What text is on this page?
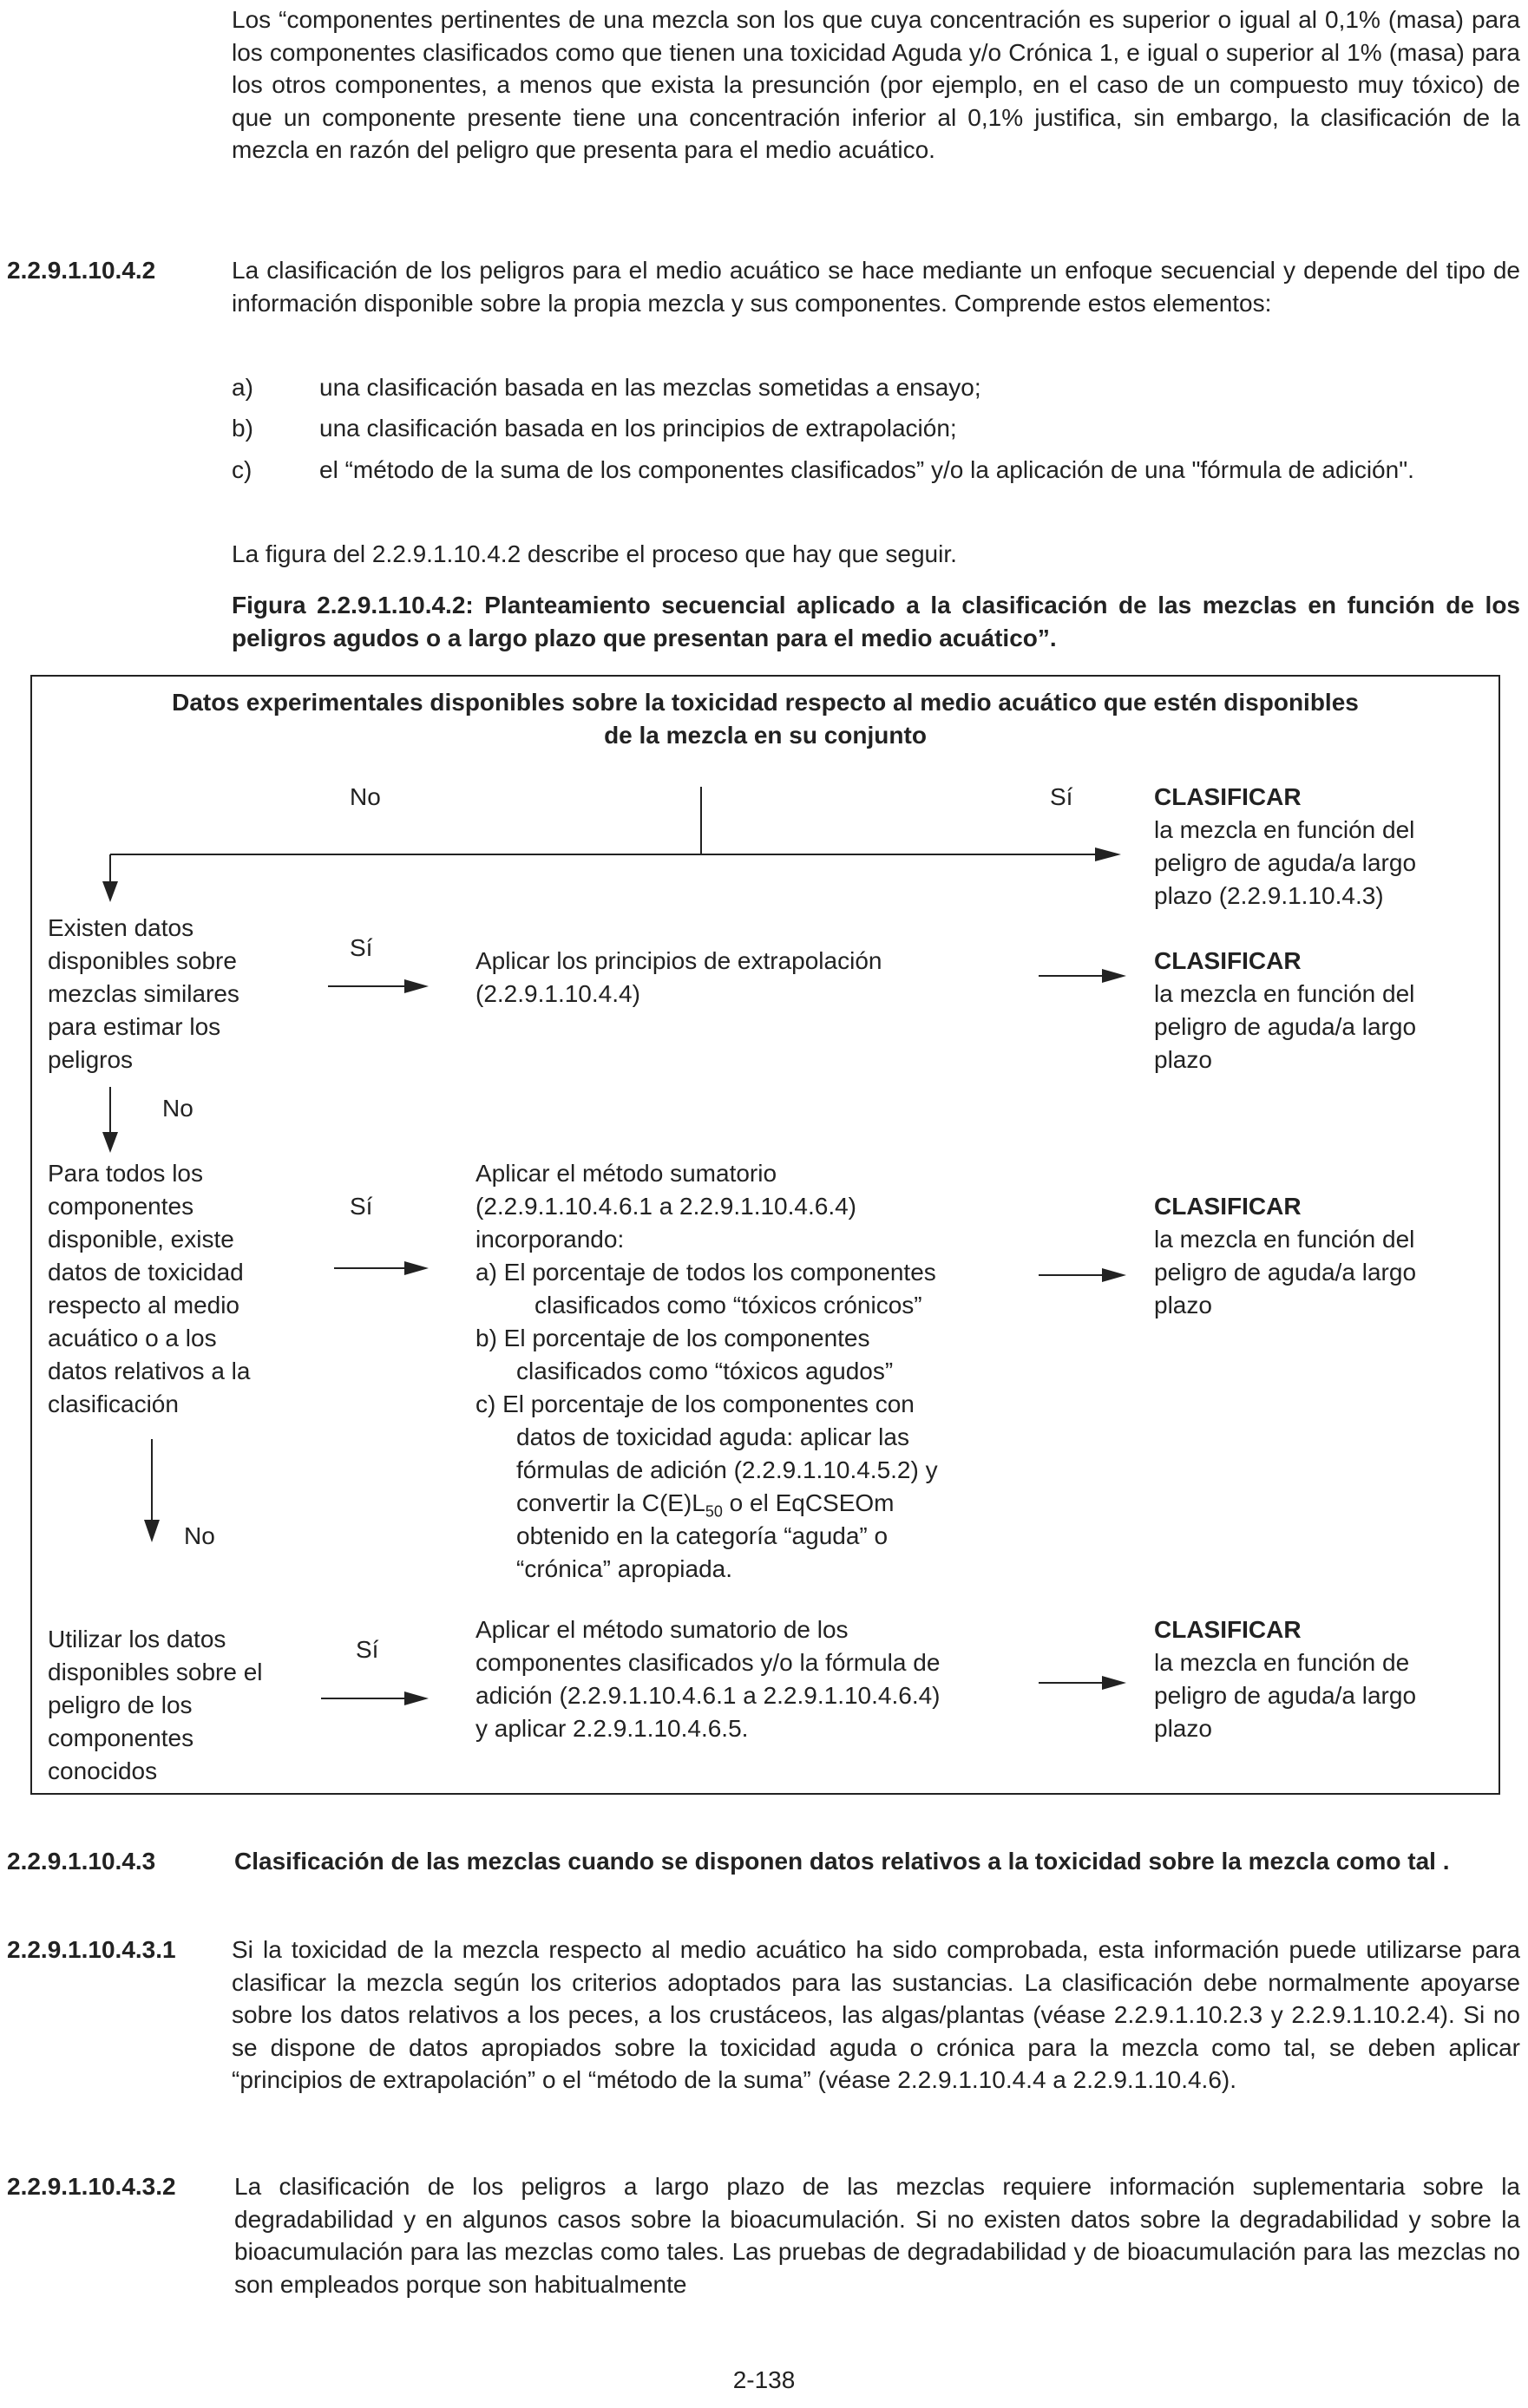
Los “componentes pertinentes de una mezcla son los que cuya concentración es superior o igual al 0,1% (masa) para los componentes clasificados como que tienen una toxicidad Aguda y/o Crónica 1, e igual o superior al 1% (masa) para los otros componentes, a menos que exista la presunción (por ejemplo, en el caso de un compuesto muy tóxico) de que un componente presente tiene una concentración inferior al 0,1% justifica, sin embargo, la clasificación de la mezcla en razón del peligro que presenta para el medio acuático.
2.2.9.1.10.4.2	La clasificación de los peligros para el medio acuático se hace mediante un enfoque secuencial y depende del tipo de información disponible sobre la propia mezcla y sus componentes. Comprende estos elementos:
a)	una clasificación basada en las mezclas sometidas a ensayo;
b)	una clasificación basada en los principios de extrapolación;
c)	el “método de la suma de los componentes clasificados” y/o la aplicación de una "fórmula de adición".
La figura del 2.2.9.1.10.4.2 describe el proceso que hay que seguir.
Figura 2.2.9.1.10.4.2: Planteamiento secuencial aplicado a la clasificación de las mezclas en función de los peligros agudos o a largo plazo que presentan para el medio acuático”.
Datos experimentales disponibles sobre la toxicidad respecto al medio acuático que estén disponibles
de la mezcla en su conjunto
No	Sí	CLASIFICAR
la mezcla en función del
peligro de aguda/a largo
plazo (2.2.9.1.10.4.3)
Existen datos
disponibles sobre
mezclas similares
para estimar los
peligros
Sí	Aplicar los principios de extrapolación
(2.2.9.1.10.4.4)
CLASIFICAR
la mezcla en función del
peligro de aguda/a largo
plazo
No
Para todos los
componentes
disponible, existe
datos de toxicidad
respecto al medio
acuático o a los
datos relativos a la
clasificación
Sí
Aplicar el método sumatorio
(2.2.9.1.10.4.6.1 a 2.2.9.1.10.4.6.4)
incorporando:
a) El porcentaje de todos los componentes
clasificados como “tóxicos crónicos”
b) El porcentaje de los componentes
clasificados como “tóxicos agudos”
c) El porcentaje de los componentes con
datos de toxicidad aguda: aplicar las
fórmulas de adición (2.2.9.1.10.4.5.2) y
convertir la $C(E)L_{50}$ o el EqCSEOm
obtenido en la categoría “aguda” o
“crónica” apropiada.
CLASIFICAR
la mezcla en función del
peligro de aguda/a largo
plazo
No
Utilizar los datos
disponibles sobre el
peligro de los
componentes
conocidos
Sí
Aplicar el método sumatorio de los
componentes clasificados y/o la fórmula de
adición (2.2.9.1.10.4.6.1 a 2.2.9.1.10.4.6.4)
y aplicar 2.2.9.1.10.4.6.5.
CLASIFICAR
la mezcla en función de
peligro de aguda/a largo
plazo
2.2.9.1.10.4.3	Clasificación de las mezclas cuando se disponen datos relativos a la toxicidad sobre la mezcla como tal .
2.2.9.1.10.4.3.1 Si la toxicidad de la mezcla respecto al medio acuático ha sido comprobada, esta información puede utilizarse para clasificar la mezcla según los criterios adoptados para las sustancias. La clasificación debe normalmente apoyarse sobre los datos relativos a los peces, a los crustáceos, las algas/plantas (véase 2.2.9.1.10.2.3 y 2.2.9.1.10.2.4). Si no se dispone de datos apropiados sobre la toxicidad aguda o crónica para la mezcla como tal, se deben aplicar “principios de extrapolación” o el “método de la suma” (véase 2.2.9.1.10.4.4 a 2.2.9.1.10.4.6).
2.2.9.1.10.4.3.2 La clasificación de los peligros a largo plazo de las mezclas requiere información suplementaria sobre la degradabilidad y en algunos casos sobre la bioacumulación. Si no existen datos sobre la degradabilidad y sobre la bioacumulación para las mezclas como tales. Las pruebas de degradabilidad y de bioacumulación para las mezclas no son empleados porque son habitualmente
2-138
